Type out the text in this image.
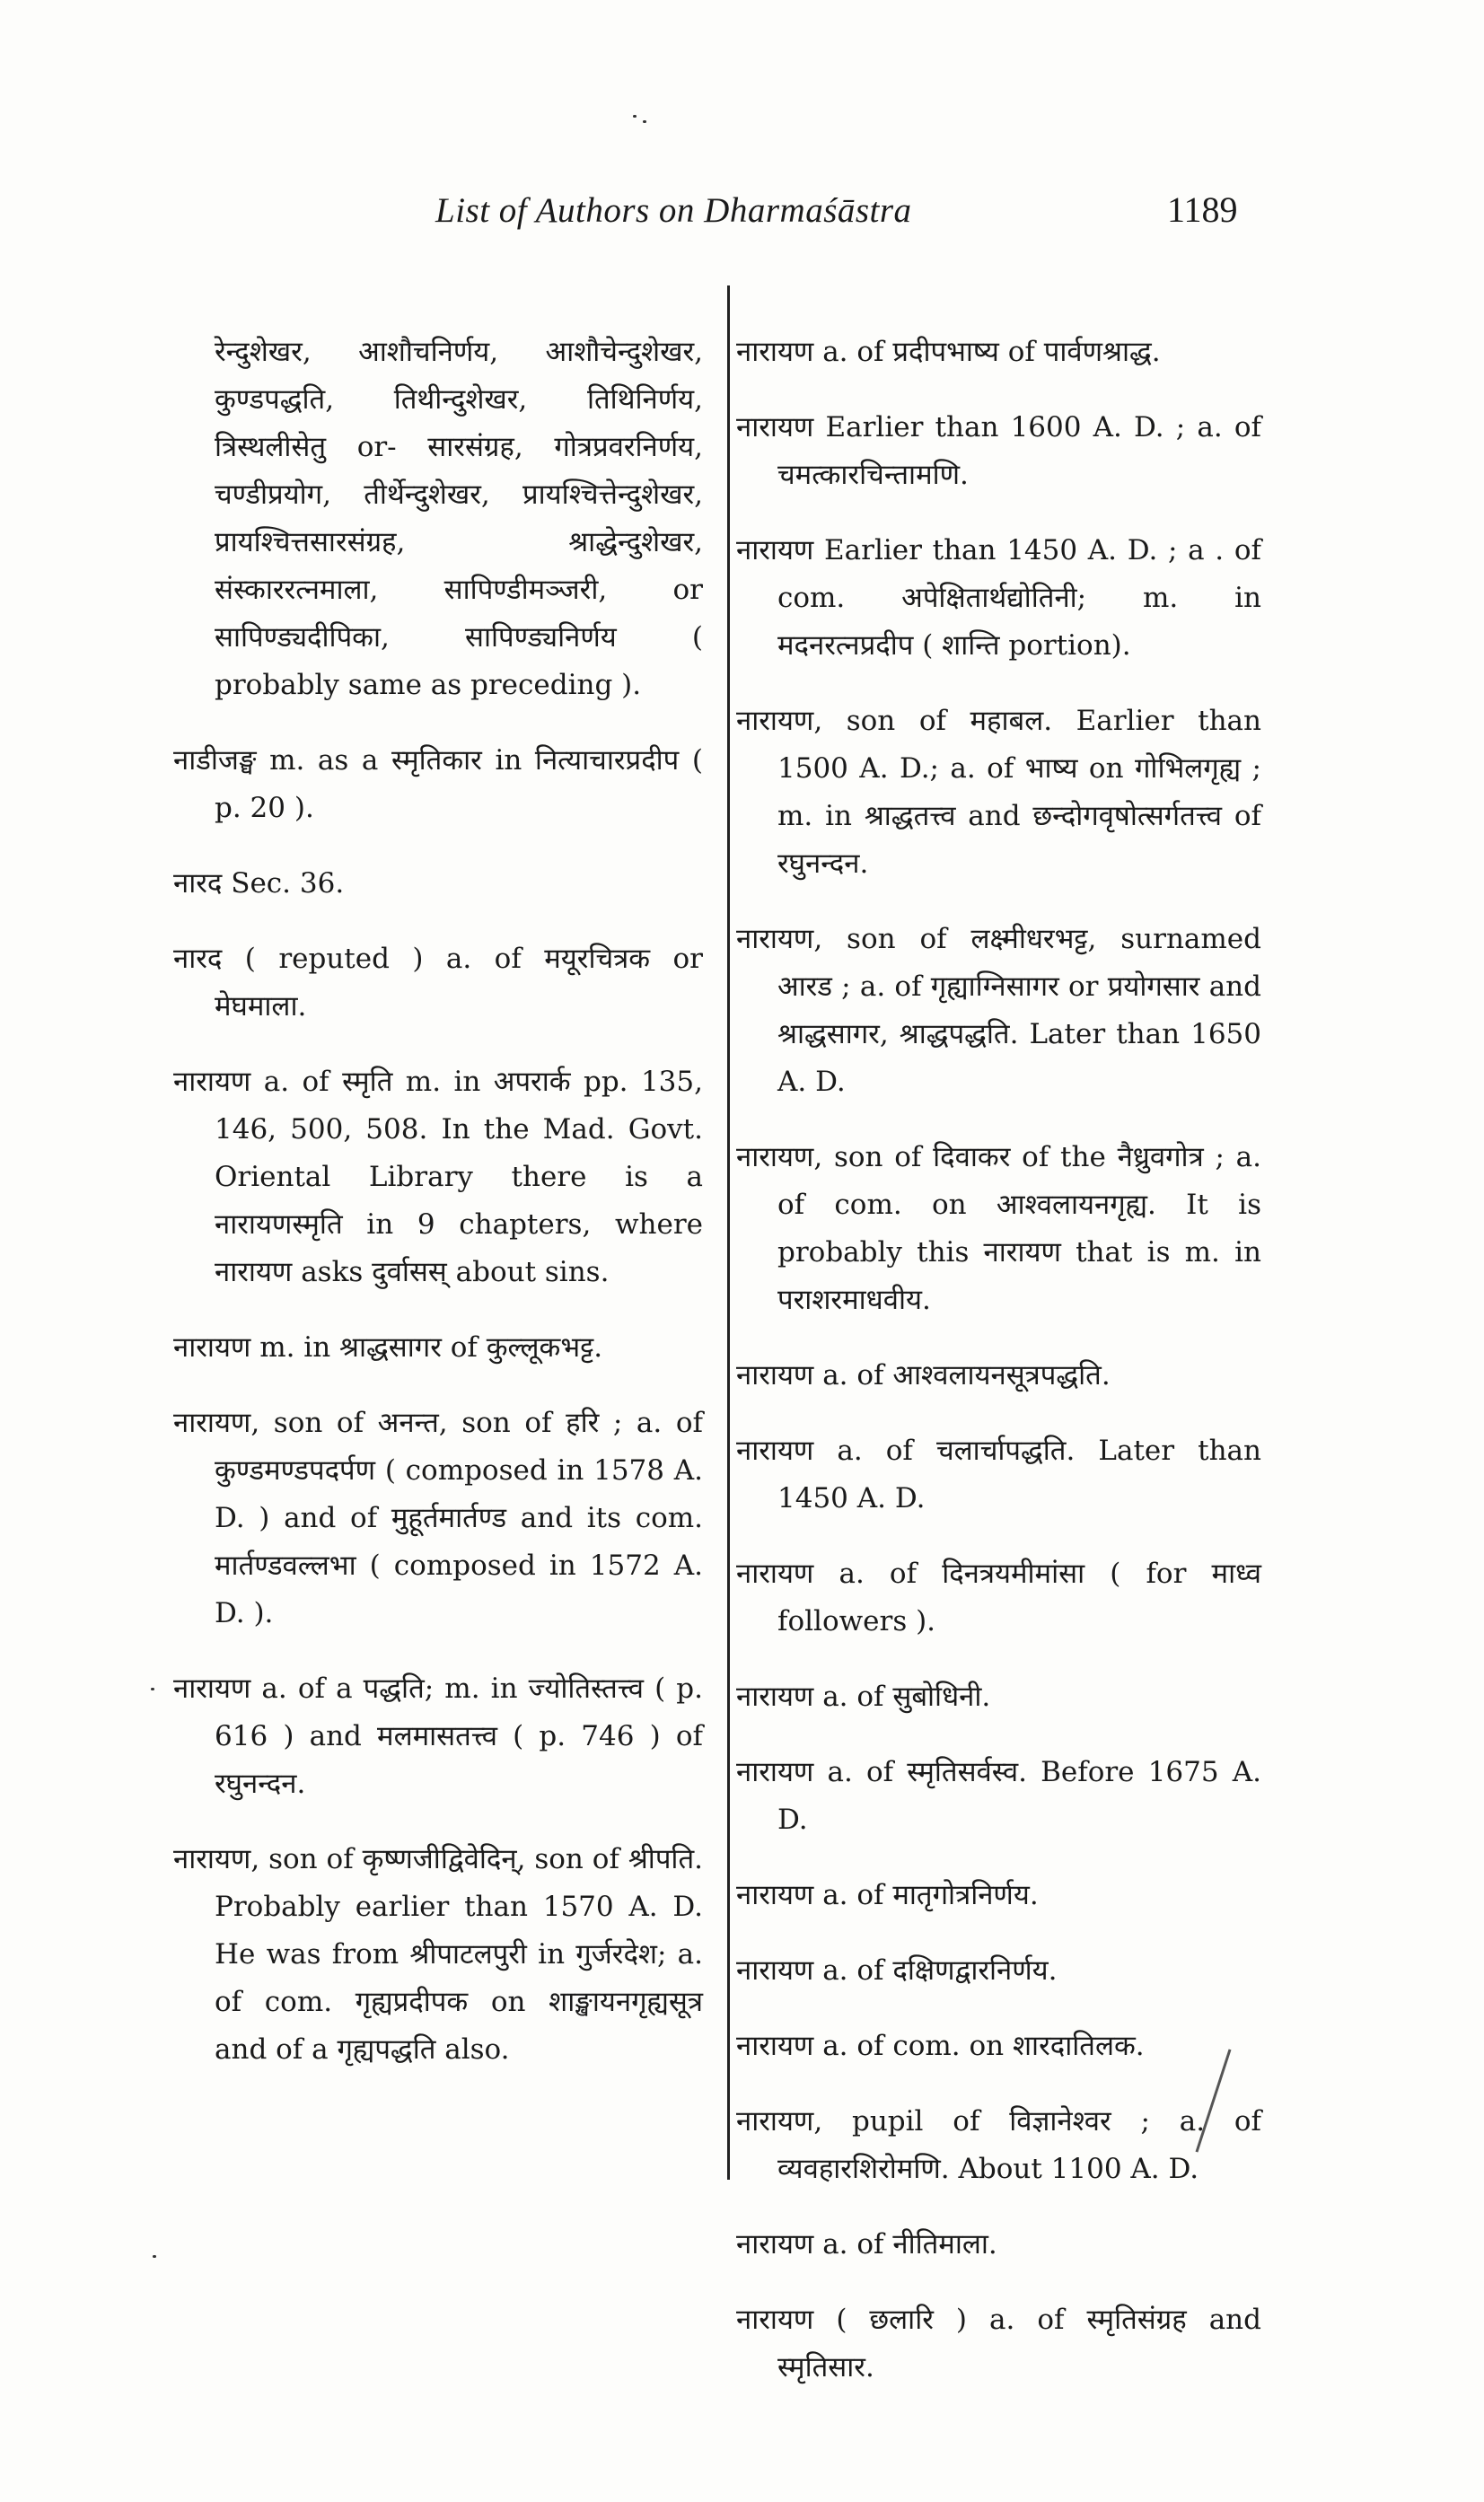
List of Authors on Dharmaśāstra	1189

रेन्दुशेखर, आशौचनिर्णय, आशौचेन्दुशेखर, कुण्डपद्धति, तिथीन्दुशेखर, तिथिनिर्णय, त्रिस्थलीसेतु or- सारसंग्रह, गोत्रप्रवरनिर्णय, चण्डीप्रयोग, तीर्थेन्दुशेखर, प्रायश्चित्तेन्दुशेखर, प्रायश्चित्तसारसंग्रह, श्राद्धेन्दुशेखर, संस्काररत्नमाला, सापिण्डीमञ्जरी, or सापिण्ड्यदीपिका, सापिण्ड्यनिर्णय ( probably same as preceding ).

नाडीजङ्घ m. as a स्मृतिकार in नित्याचारप्रदीप ( p. 20 ).

नारद Sec. 36.

नारद ( reputed ) a. of मयूरचित्रक or मेघमाला.

नारायण a. of स्मृति m. in अपरार्क pp. 135, 146, 500, 508. In the Mad. Govt. Oriental Library there is a नारायणस्मृति in 9 chapters, where नारायण asks दुर्वासस् about sins.

नारायण m. in श्राद्धसागर of कुल्लूकभट्ट.

नारायण, son of अनन्त, son of हरि ; a. of कुण्डमण्डपदर्पण ( composed in 1578 A. D. ) and of मुहूर्तमार्तण्ड and its com. मार्तण्डवल्लभा ( composed in 1572 A. D. ).

नारायण a. of a पद्धति; m. in ज्योतिस्तत्त्व ( p. 616 ) and मलमासतत्त्व ( p. 746 ) of रघुनन्दन.

नारायण, son of कृष्णजीद्विवेदिन्, son of श्रीपति. Probably earlier than 1570 A. D. He was from श्रीपाटलपुरी in गुर्जरदेश; a. of com. गृह्यप्रदीपक on शाङ्खायनगृह्यसूत्र and of a गृह्यपद्धति also.

नारायण a. of प्रदीपभाष्य of पार्वणश्राद्ध.

नारायण Earlier than 1600 A. D. ; a. of चमत्कारचिन्तामणि.

नारायण Earlier than 1450 A. D. ; a . of com. अपेक्षितार्थद्योतिनी; m. in मदनरत्नप्रदीप ( शान्ति portion).

नारायण, son of महाबल. Earlier than 1500 A. D.; a. of भाष्य on गोभिलगृह्य ; m. in श्राद्धतत्त्व and छन्दोगवृषोत्सर्गतत्त्व of रघुनन्दन.

नारायण, son of लक्ष्मीधरभट्ट, surnamed आरड ; a. of गृह्याग्निसागर or प्रयोगसार and श्राद्धसागर, श्राद्धपद्धति. Later than 1650 A. D.

नारायण, son of दिवाकर of the नैध्रुवगोत्र ; a. of com. on आश्वलायनगृह्य. It is probably this नारायण that is m. in पराशरमाधवीय.

नारायण a. of आश्वलायनसूत्रपद्धति.

नारायण a. of चलार्चापद्धति. Later than 1450 A. D.

नारायण a. of दिनत्रयमीमांसा ( for माध्व followers ).

नारायण a. of सुबोधिनी.

नारायण a. of स्मृतिसर्वस्व. Before 1675 A. D.

नारायण a. of मातृगोत्रनिर्णय.

नारायण a. of दक्षिणद्वारनिर्णय.

नारायण a. of com. on शारदातिलक.

नारायण, pupil of विज्ञानेश्वर ; a. of व्यवहारशिरोमणि. About 1100 A. D.

नारायण a. of नीतिमाला.

नारायण ( छलारि ) a. of स्मृतिसंग्रह and स्मृतिसार.
